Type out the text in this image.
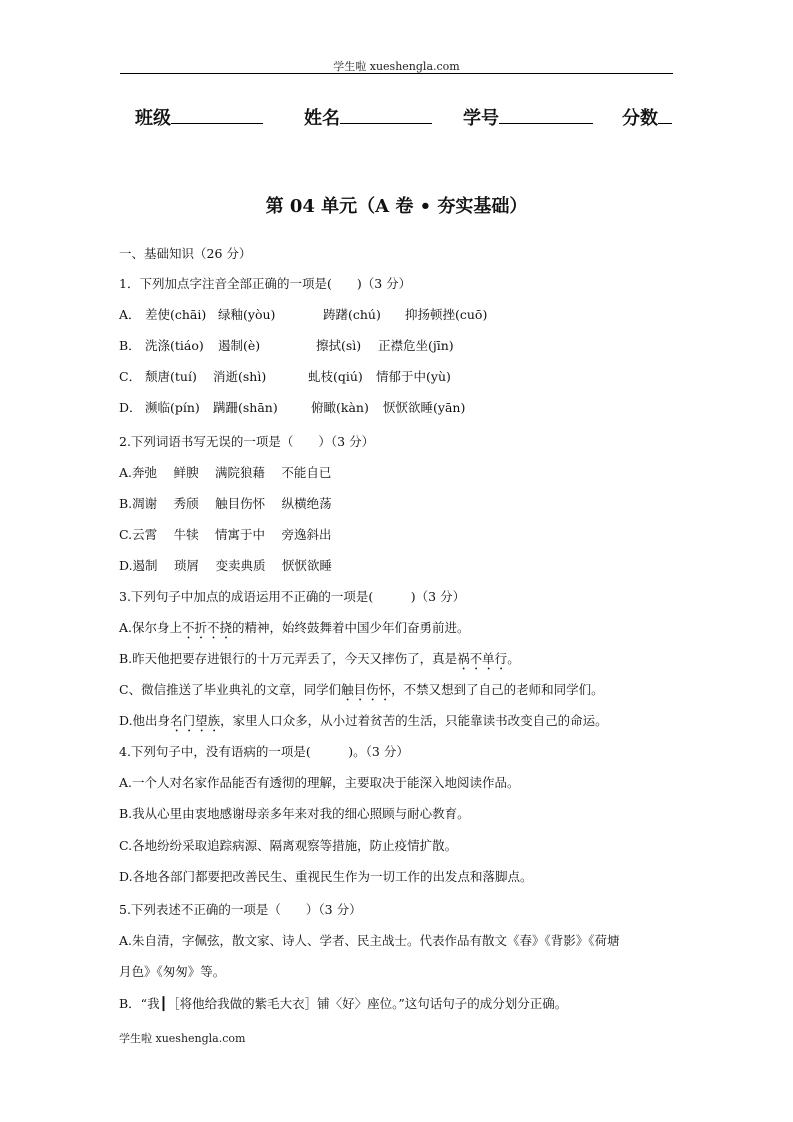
学生啦 xueshengla.com
班级	姓名	学号	分数
第 04 单元（A 卷 • 夯实基础）
一、基础知识（26 分）
1．下列加点字注音全部正确的一项是(　　)（3 分）
A． 差使(chāi) 绿釉(yòu)	踌躇(chú) 抑扬顿挫(cuō)
B． 洗涤(tiáo) 遏制(è)	擦拭(sì) 正襟危坐(jīn)
C． 颓唐(tuí) 消逝(shì)	虬枝(qiú) 情郁于中(yù)
D． 濒临(pín) 蹒跚(shān)	俯瞰(kàn) 恹恹欲睡(yān)
2.下列词语书写无误的一项是（　　）（3 分）
A.奔弛　 鲜腴　 满院狼藉　 不能自已
B.凋谢　 秀颀　 触目伤怀　 纵横绝荡
C.云霄　 牛犊　 情寓于中　 旁逸斜出
D.遏制　 琐屑　 变卖典质　 恹恹欲睡
3.下列句子中加点的成语运用不正确的一项是(　　　)（3 分）
A.保尔身上不折不挠的精神，始终鼓舞着中国少年们奋勇前进。
B.昨天他把要存进银行的十万元弄丢了，今天又摔伤了，真是祸不单行。
C、微信推送了毕业典礼的文章，同学们触目伤怀，不禁又想到了自己的老师和同学们。
D.他出身名门望族，家里人口众多，从小过着贫苦的生活，只能靠读书改变自己的命运。
4.下列句子中，没有语病的一项是(　　　)。（3 分）
A.一个人对名家作品能否有透彻的理解，主要取决于能深入地阅读作品。
B.我从心里由衷地感谢母亲多年来对我的细心照顾与耐心教育。
C.各地纷纷采取追踪病源、隔离观察等措施，防止疫情扩散。
D.各地各部门都要把改善民生、重视民生作为一切工作的出发点和落脚点。
5.下列表述不正确的一项是（　　）（3 分）
A.朱自清，字佩弦，散文家、诗人、学者、民主战士。代表作品有散文《春》《背影》《荷塘
月色》《匆匆》等。
B．“我┃［将他给我做的紫毛大衣］铺〈好〉座位。”这句话句子的成分划分正确。
学生啦 xueshengla.com
